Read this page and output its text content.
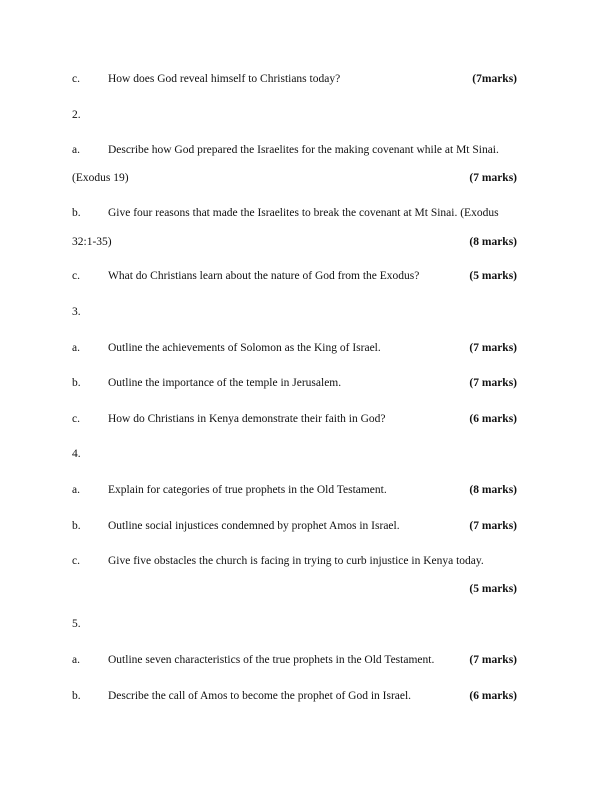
c. How does God reveal himself to Christians today?	(7marks)
2.
a. Describe how God prepared the Israelites for the making covenant while at Mt Sinai.
(Exodus 19)	(7 marks)
b. Give four reasons that made the Israelites to break the covenant at Mt Sinai. (Exodus
32:1-35)	(8 marks)
c. What do Christians learn about the nature of God from the Exodus?	(5 marks)
3.
a. Outline the achievements of Solomon as the King of Israel.	(7 marks)
b. Outline the importance of the temple in Jerusalem.	(7 marks)
c. How do Christians in Kenya demonstrate their faith in God?	(6 marks)
4.
a. Explain for categories of true prophets in the Old Testament.	(8 marks)
b. Outline social injustices condemned by prophet Amos in Israel.	(7 marks)
c. Give five obstacles the church is facing in trying to curb injustice in Kenya today.
(5 marks)
5.
a. Outline seven characteristics of the true prophets in the Old Testament.	(7 marks)
b. Describe the call of Amos to become the prophet of God in Israel.	(6 marks)
